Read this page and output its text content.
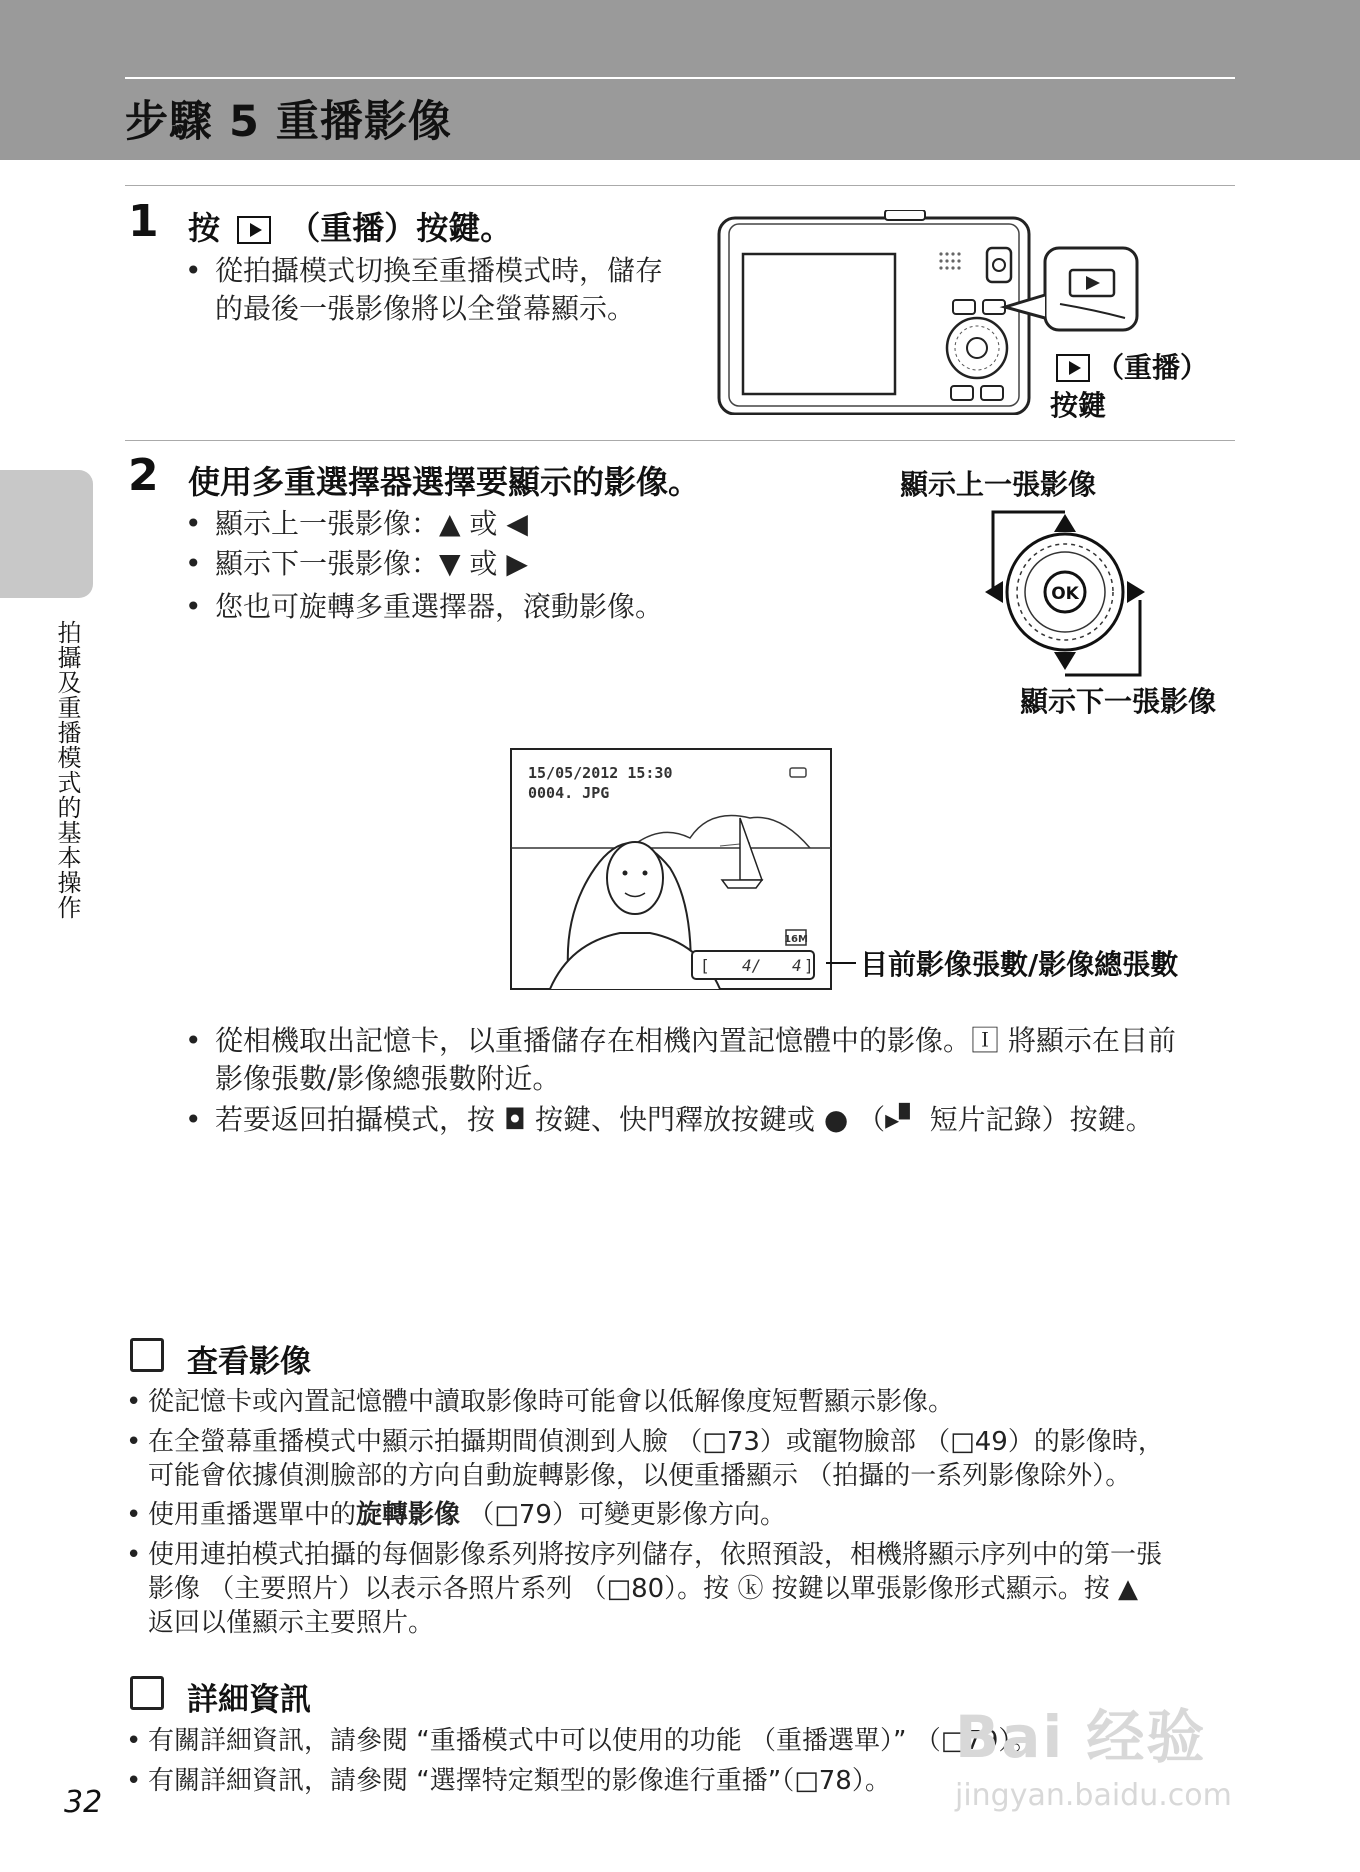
步驟 5 重播影像
拍攝及重播模式的基本操作
1 按 （重播）按鍵。
• 從拍攝模式切換至重播模式時，儲存
的最後一張影像將以全螢幕顯示。
（重播）
按鍵
2 使用多重選擇器選擇要顯示的影像。
• 顯示上一張影像：▲ 或 ◀
• 顯示下一張影像：▼ 或 ▶
• 您也可旋轉多重選擇器，滾動影像。
顯示上一張影像
OK
顯示下一張影像
15/05/2012 15:30
0004. JPG
16M
[ 4/ 4 ] 目前影像張數/影像總張數
• 從相機取出記憶卡，以重播儲存在相機內置記憶體中的影像。🄸 將顯示在目前
影像張數/影像總張數附近。
• 若要返回拍攝模式，按 ◘ 按鍵、快門釋放按鍵或 ● （▸▘ 短片記錄）按鍵。
查看影像
• 從記憶卡或內置記憶體中讀取影像時可能會以低解像度短暫顯示影像。
• 在全螢幕重播模式中顯示拍攝期間偵測到人臉 （□73）或寵物臉部 （□49）的影像時，
可能會依據偵測臉部的方向自動旋轉影像，以便重播顯示 （拍攝的一系列影像除外）。
• 使用重播選單中的旋轉影像 （□79）可變更影像方向。
• 使用連拍模式拍攝的每個影像系列將按序列儲存，依照預設，相機將顯示序列中的第一張
影像 （主要照片）以表示各照片系列 （□80）。按 ⓚ 按鍵以單張影像形式顯示。按 ▲
返回以僅顯示主要照片。
詳細資訊
• 有關詳細資訊，請參閱 “重播模式中可以使用的功能 （重播選單）” （□79）。
• 有關詳細資訊，請參閱 “選擇特定類型的影像進行重播”（□78）。
Bai 经验
jingyan.baidu.com
32
